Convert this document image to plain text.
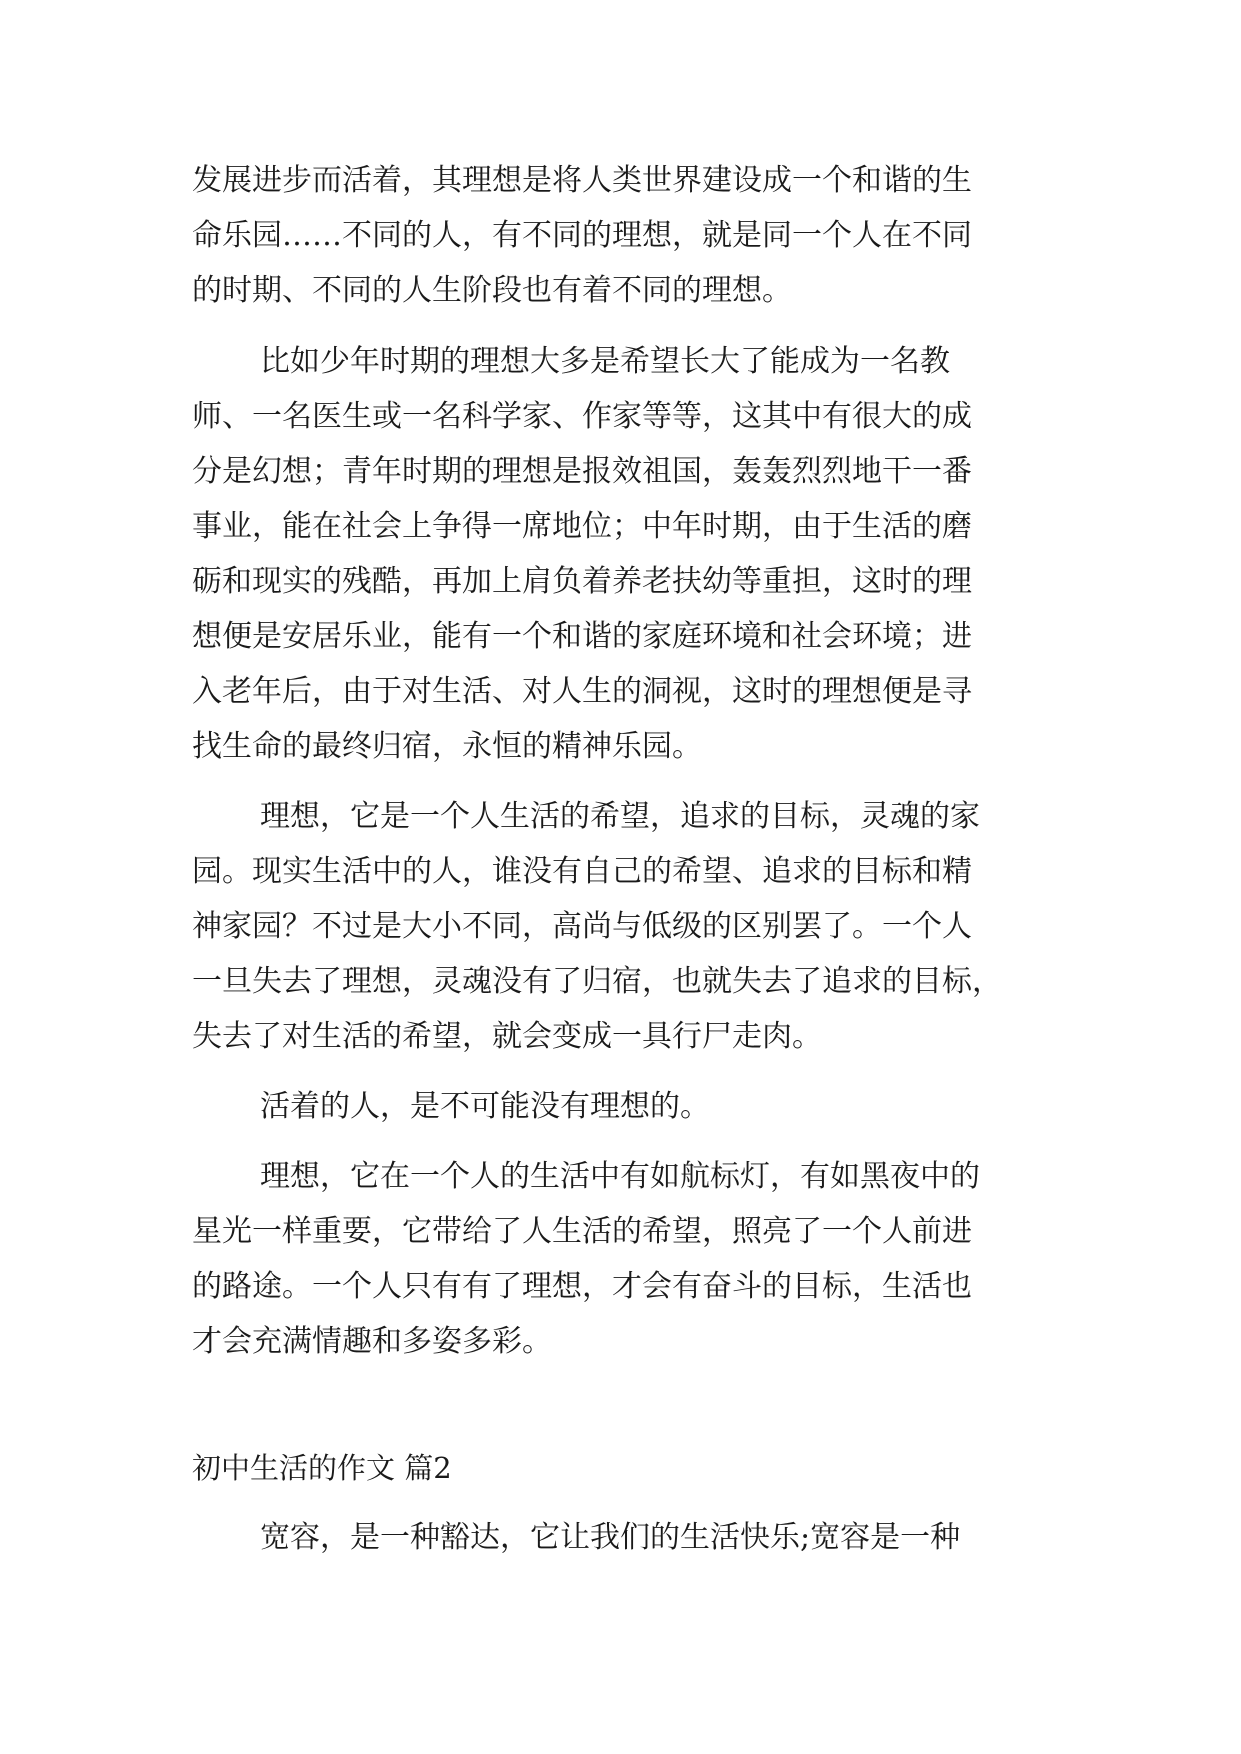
发展进步而活着，其理想是将人类世界建设成一个和谐的生
命乐园……不同的人，有不同的理想，就是同一个人在不同
的时期、不同的人生阶段也有着不同的理想。
比如少年时期的理想大多是希望长大了能成为一名教
师、一名医生或一名科学家、作家等等，这其中有很大的成
分是幻想；青年时期的理想是报效祖国，轰轰烈烈地干一番
事业，能在社会上争得一席地位；中年时期，由于生活的磨
砺和现实的残酷，再加上肩负着养老扶幼等重担，这时的理
想便是安居乐业，能有一个和谐的家庭环境和社会环境；进
入老年后，由于对生活、对人生的洞视，这时的理想便是寻
找生命的最终归宿，永恒的精神乐园。
理想，它是一个人生活的希望，追求的目标，灵魂的家
园。现实生活中的人，谁没有自己的希望、追求的目标和精
神家园？不过是大小不同，高尚与低级的区别罢了。一个人
一旦失去了理想，灵魂没有了归宿，也就失去了追求的目标，
失去了对生活的希望，就会变成一具行尸走肉。
活着的人，是不可能没有理想的。
理想，它在一个人的生活中有如航标灯，有如黑夜中的
星光一样重要，它带给了人生活的希望，照亮了一个人前进
的路途。一个人只有有了理想，才会有奋斗的目标，生活也
才会充满情趣和多姿多彩。
初中生活的作文 篇2
宽容，是一种豁达，它让我们的生活快乐;宽容是一种
